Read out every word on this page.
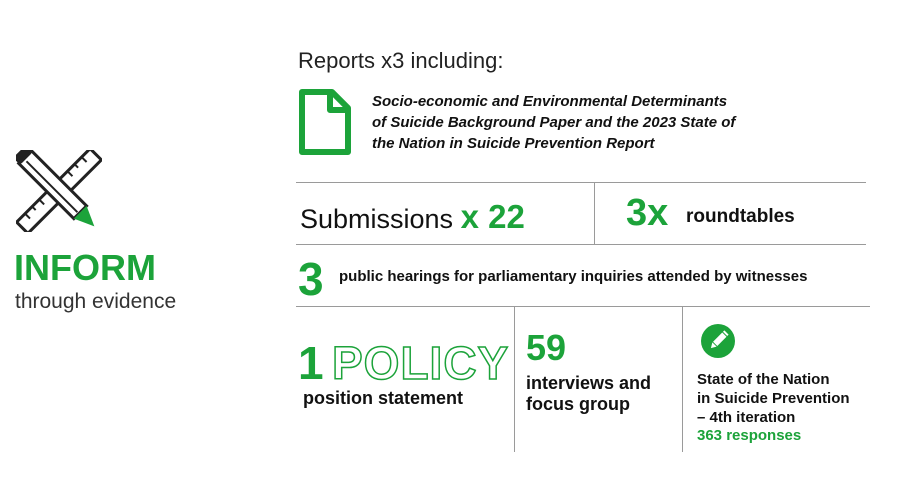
INFORM
through evidence
Reports x3 including:
Socio-economic and Environmental Determinants
of Suicide Background Paper and the 2023 State of
the Nation in Suicide Prevention Report
Submissions x 22	3x roundtables
3 public hearings for parliamentary inquiries attended by witnesses
1 POLICY
position statement
59
interviews and
focus group
State of the Nation
in Suicide Prevention
– 4th iteration
363 responses
